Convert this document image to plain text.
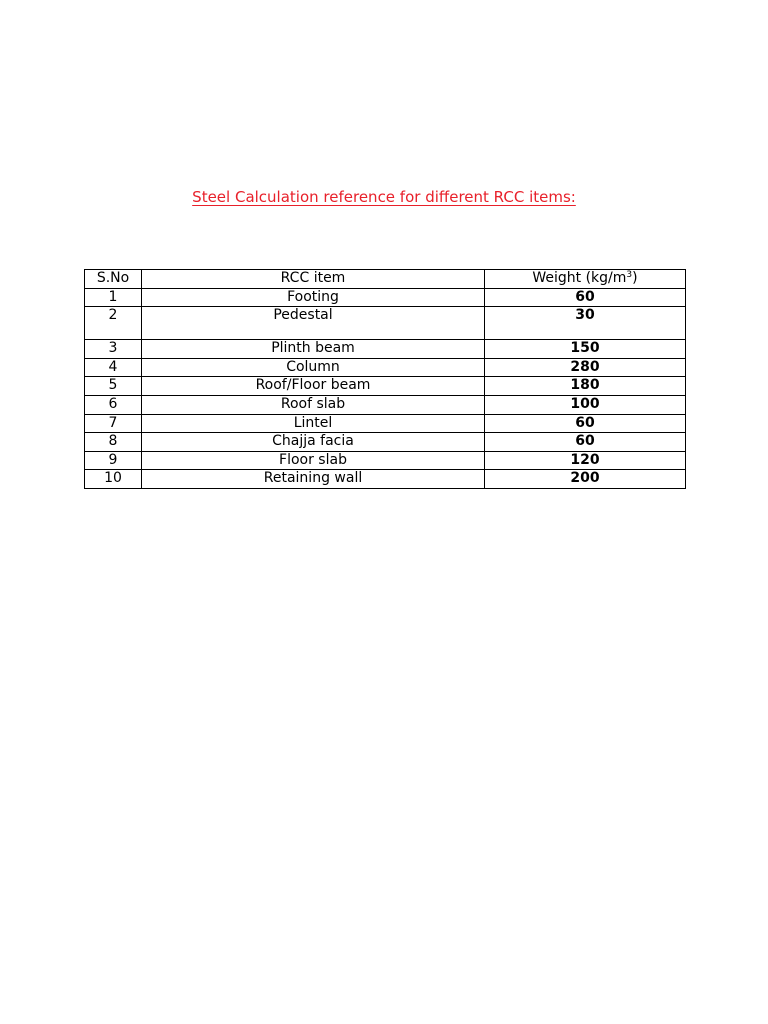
Steel Calculation reference for different RCC items:
S.No	RCC item	Weight $(kg/m^3)$
1	Footing	60
2	Pedestal	30
3	Plinth beam	150
4	Column	280
5	Roof/Floor beam	180
6	Roof slab	100
7	Lintel	60
8	Chajja facia	60
9	Floor slab	120
10	Retaining wall	200
